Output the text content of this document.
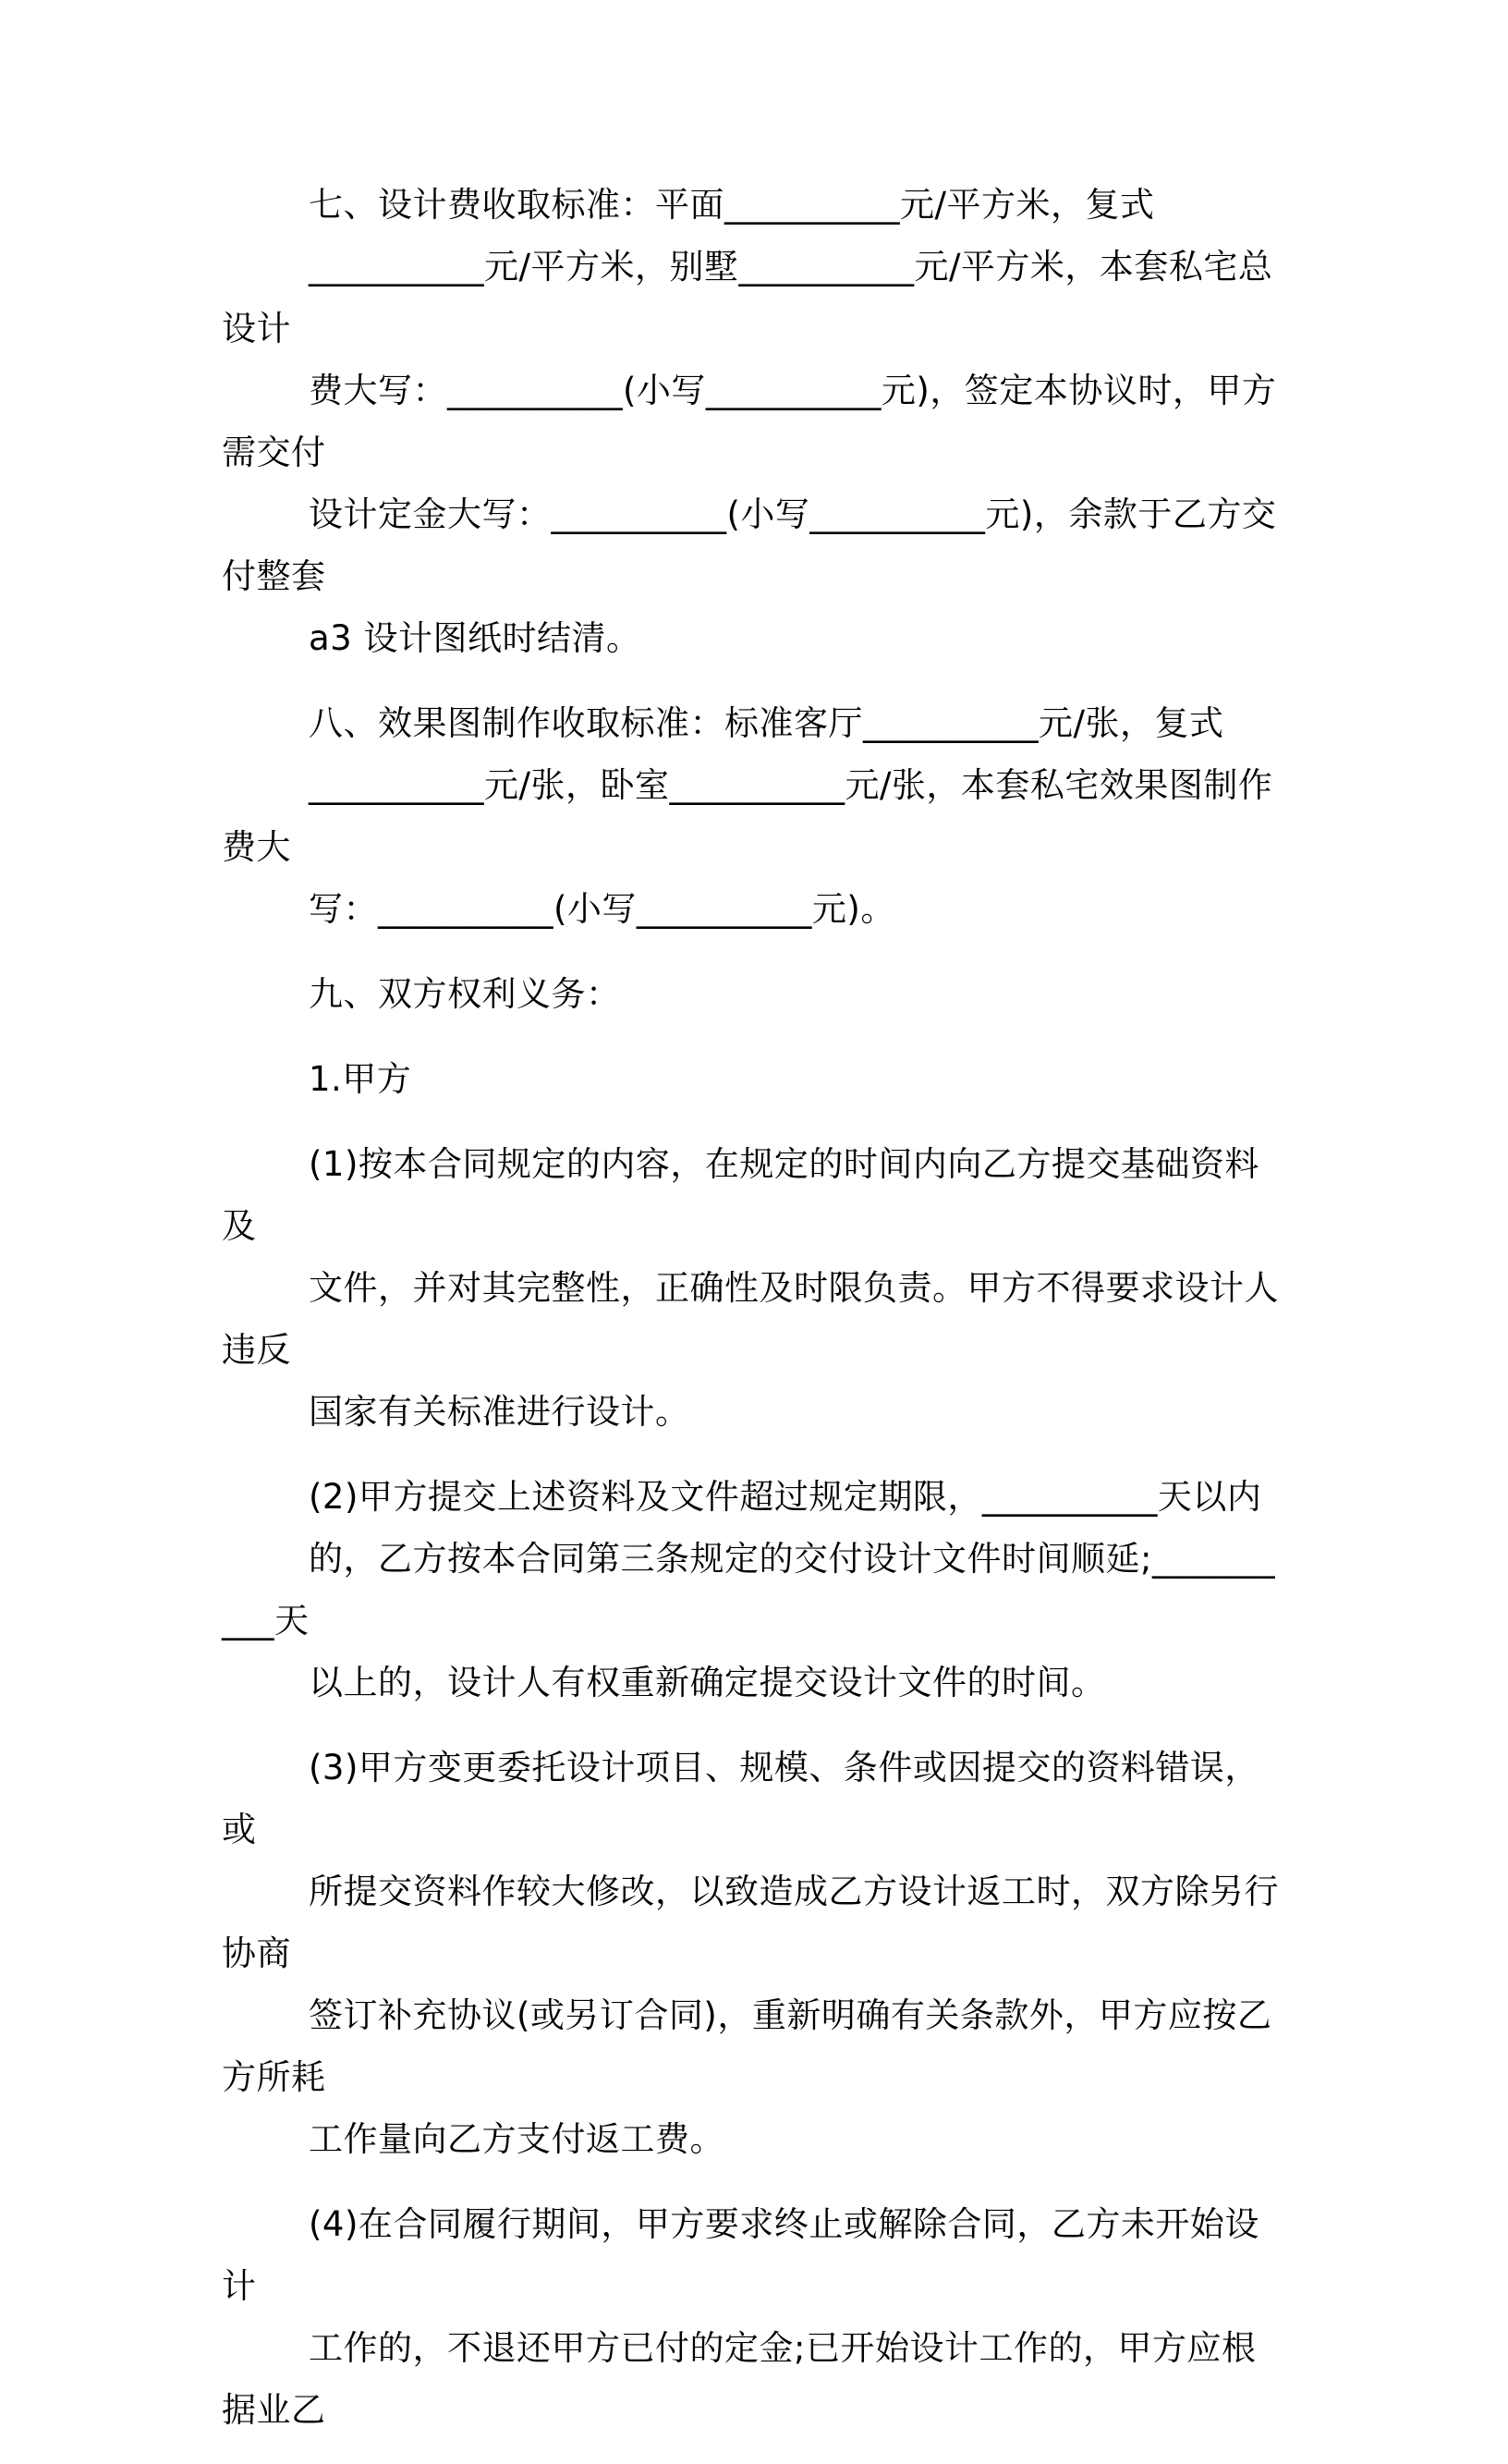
七、设计费收取标准：平面__________元/平方米，复式
__________元/平方米，别墅__________元/平方米，本套私宅总设计
费大写：__________(小写__________元)，签定本协议时，甲方需交付
设计定金大写：__________(小写__________元)，余款于乙方交付整套
a3 设计图纸时结清。

八、效果图制作收取标准：标准客厅__________元/张，复式
__________元/张，卧室__________元/张，本套私宅效果图制作费大
写：__________(小写__________元)。

九、双方权利义务：

1.甲方

(1)按本合同规定的内容，在规定的时间内向乙方提交基础资料及
文件，并对其完整性，正确性及时限负责。甲方不得要求设计人违反
国家有关标准进行设计。

(2)甲方提交上述资料及文件超过规定期限，__________天以内
的，乙方按本合同第三条规定的交付设计文件时间顺延;__________天
以上的，设计人有权重新确定提交设计文件的时间。

(3)甲方变更委托设计项目、规模、条件或因提交的资料错误，或
所提交资料作较大修改，以致造成乙方设计返工时，双方除另行协商
签订补充协议(或另订合同)，重新明确有关条款外，甲方应按乙方所耗
工作量向乙方支付返工费。

(4)在合同履行期间，甲方要求终止或解除合同，乙方未开始设计
工作的，不退还甲方已付的定金;已开始设计工作的，甲方应根据业乙
